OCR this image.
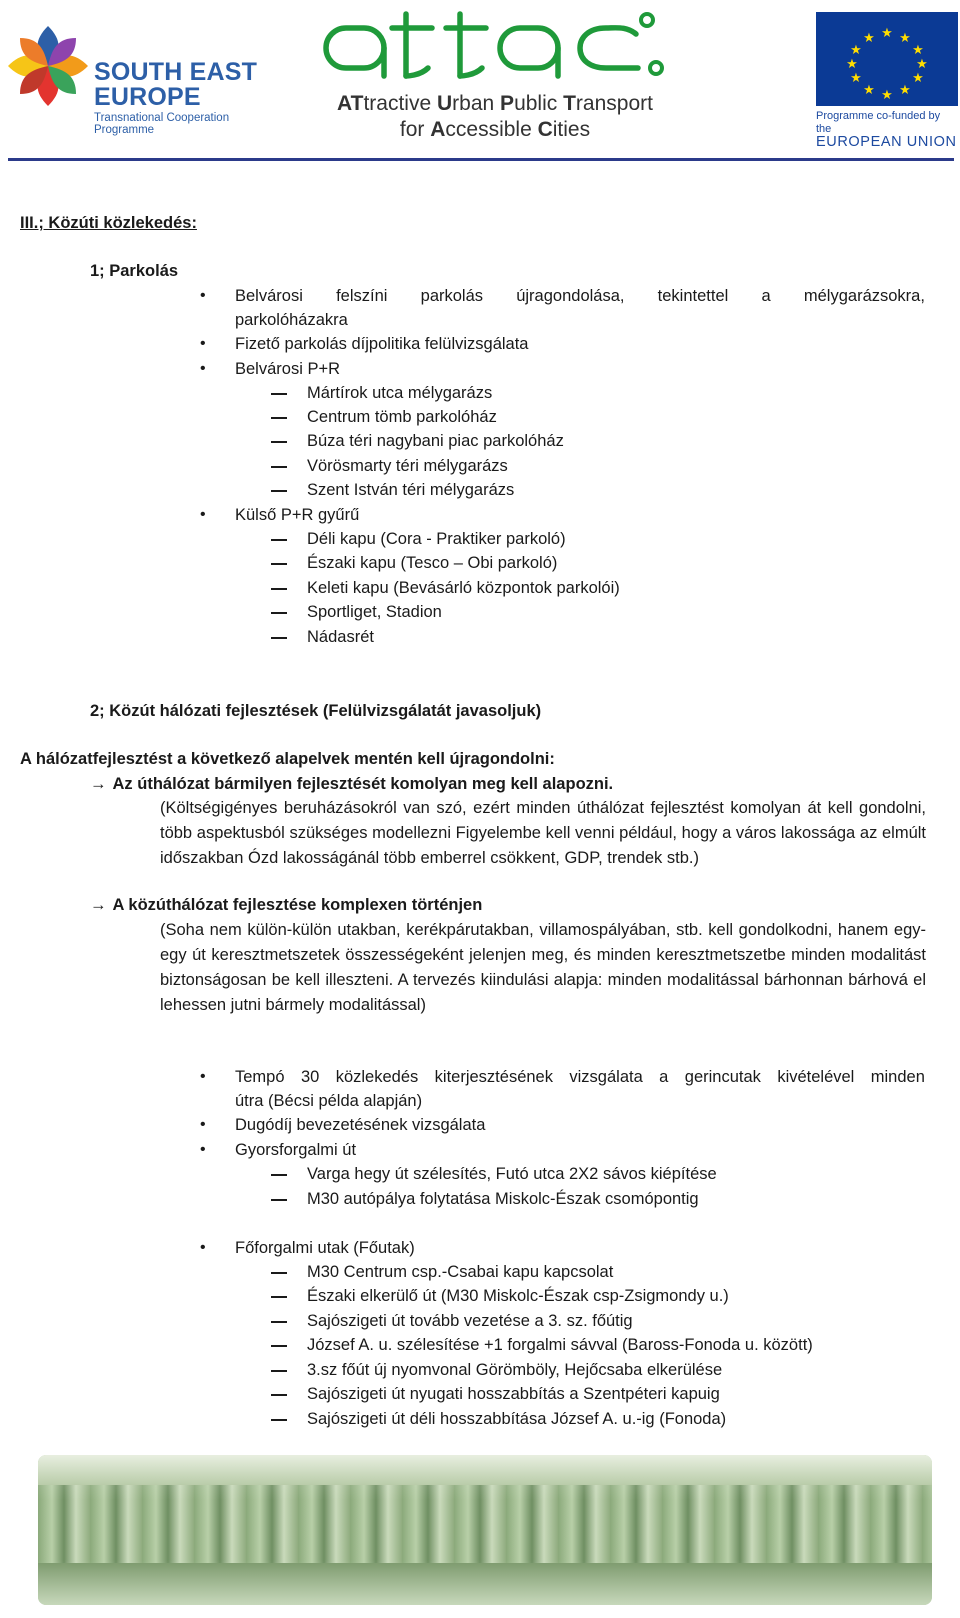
SOUTH EAST
EUROPE
Transnational Cooperation Programme
ATtractive Urban Public Transport
for Accessible Cities
★ ★
★
★
★
★
★
★
★
★
★
★
Programme co-funded by the
EUROPEAN UNION
III.; Közúti közlekedés:
1; Parkolás
• Belvárosi felszíni parkolás újragondolása, tekintettel a mélygarázsokra,
parkolóházakra
• Fizető parkolás díjpolitika felülvizsgálata
• Belvárosi P+R
Mártírok utca mélygarázs
Centrum tömb parkolóház
Búza téri nagybani piac parkolóház
Vörösmarty téri mélygarázs
Szent István téri mélygarázs
• Külső P+R gyűrű
Déli kapu (Cora - Praktiker parkoló)
Északi kapu (Tesco – Obi parkoló)
Keleti kapu (Bevásárló központok parkolói)
Sportliget, Stadion
Nádasrét
2; Közút hálózati fejlesztések (Felülvizsgálatát javasoljuk)
A hálózatfejlesztést a következő alapelvek mentén kell újragondolni:
→ Az úthálózat bármilyen fejlesztését komolyan meg kell alapozni.
(Költségigényes beruházásokról van szó, ezért minden úthálózat fejlesztést komolyan át kell gondolni, több aspektusból szükséges modellezni Figyelembe kell venni például, hogy a város lakossága az elmúlt időszakban Ózd lakosságánál több emberrel csökkent, GDP, trendek stb.)
→ A közúthálózat fejlesztése komplexen történjen
(Soha nem külön-külön utakban, kerékpárutakban, villamospályában, stb. kell gondolkodni, hanem egy-egy út keresztmetszetek összességeként jelenjen meg, és minden keresztmetszetbe minden modalitást biztonságosan be kell illeszteni. A tervezés kiindulási alapja: minden modalitással bárhonnan bárhová el lehessen jutni bármely modalitással)
• Tempó 30 közlekedés kiterjesztésének vizsgálata a gerincutak kivételével minden
útra (Bécsi példa alapján)
• Dugódíj bevezetésének vizsgálata
• Gyorsforgalmi út
Varga hegy út szélesítés, Futó utca 2X2 sávos kiépítése
M30 autópálya folytatása Miskolc-Észak csomópontig
• Főforgalmi utak (Főutak)
M30 Centrum csp.-Csabai kapu kapcsolat
Északi elkerülő út (M30 Miskolc-Észak csp-Zsigmondy u.)
Sajószigeti út tovább vezetése a 3. sz. főútig
József A. u. szélesítése +1 forgalmi sávval (Baross-Fonoda u. között)
3.sz főút új nyomvonal Görömböly, Hejőcsaba elkerülése
Sajószigeti út nyugati hosszabbítás a Szentpéteri kapuig
Sajószigeti út déli hosszabbítása József A. u.-ig (Fonoda)
